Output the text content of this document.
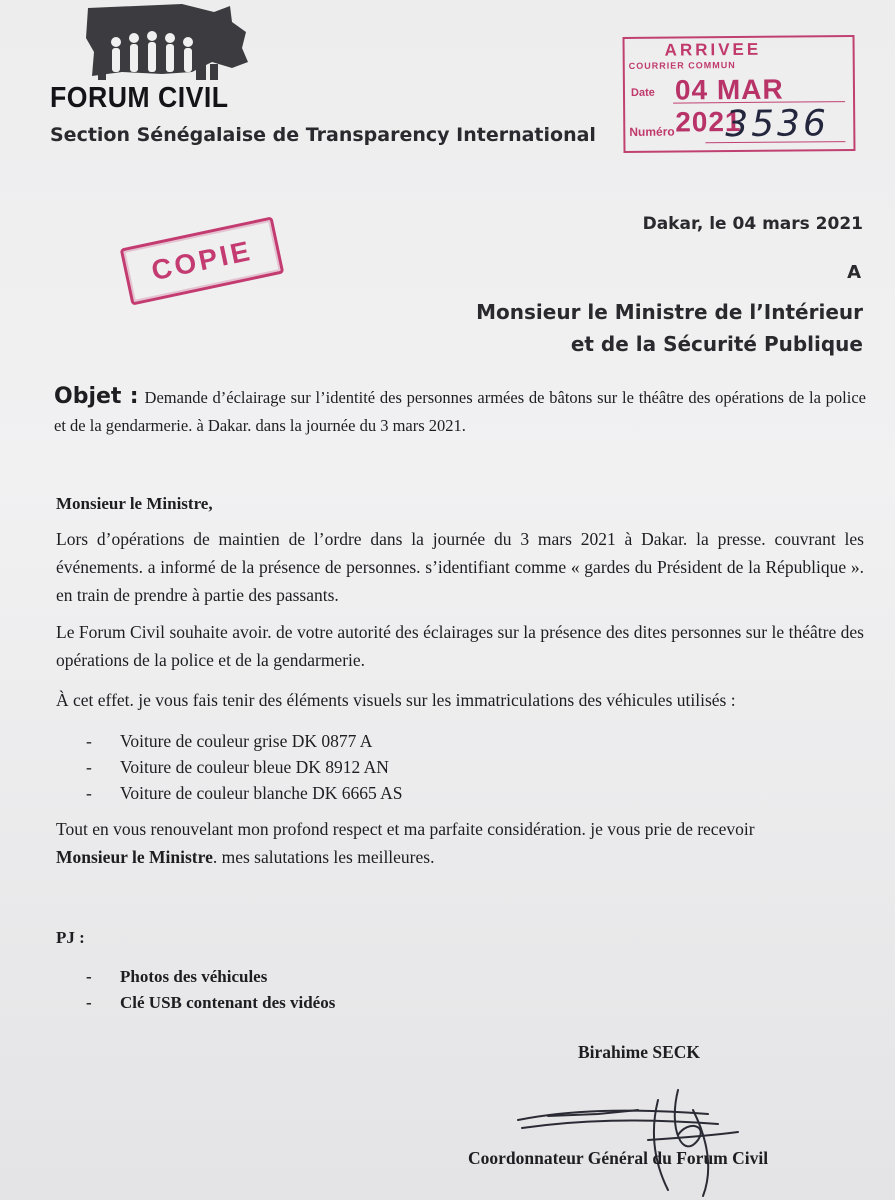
FORUM CIVIL
Section Sénégalaise de Transparency International
ARRIVEE
COURRIER COMMUN
Date 04 MAR 2021
Numéro 3536
COPIE
Dakar, le 04 mars 2021
A
Monsieur le Ministre de l’Intérieur
et de la Sécurité Publique
Objet : Demande d’éclairage sur l’identité des personnes armées de bâtons sur le théâtre des opérations de la police et de la gendarmerie. à Dakar. dans la journée du 3 mars 2021.
Monsieur le Ministre,
Lors d’opérations de maintien de l’ordre dans la journée du 3 mars 2021 à Dakar. la presse. couvrant les événements. a informé de la présence de personnes. s’identifiant comme « gardes du Président de la République ». en train de prendre à partie des passants.
Le Forum Civil souhaite avoir. de votre autorité des éclairages sur la présence des dites personnes sur le théâtre des opérations de la police et de la gendarmerie.
À cet effet. je vous fais tenir des éléments visuels sur les immatriculations des véhicules utilisés :
-	Voiture de couleur grise DK 0877 A
-	Voiture de couleur bleue DK 8912 AN
-	Voiture de couleur blanche DK 6665 AS
Tout en vous renouvelant mon profond respect et ma parfaite considération. je vous prie de recevoir
Monsieur le Ministre. mes salutations les meilleures.
PJ :
-	Photos des véhicules
-	Clé USB contenant des vidéos
Birahime SECK
Coordonnateur Général du Forum Civil
